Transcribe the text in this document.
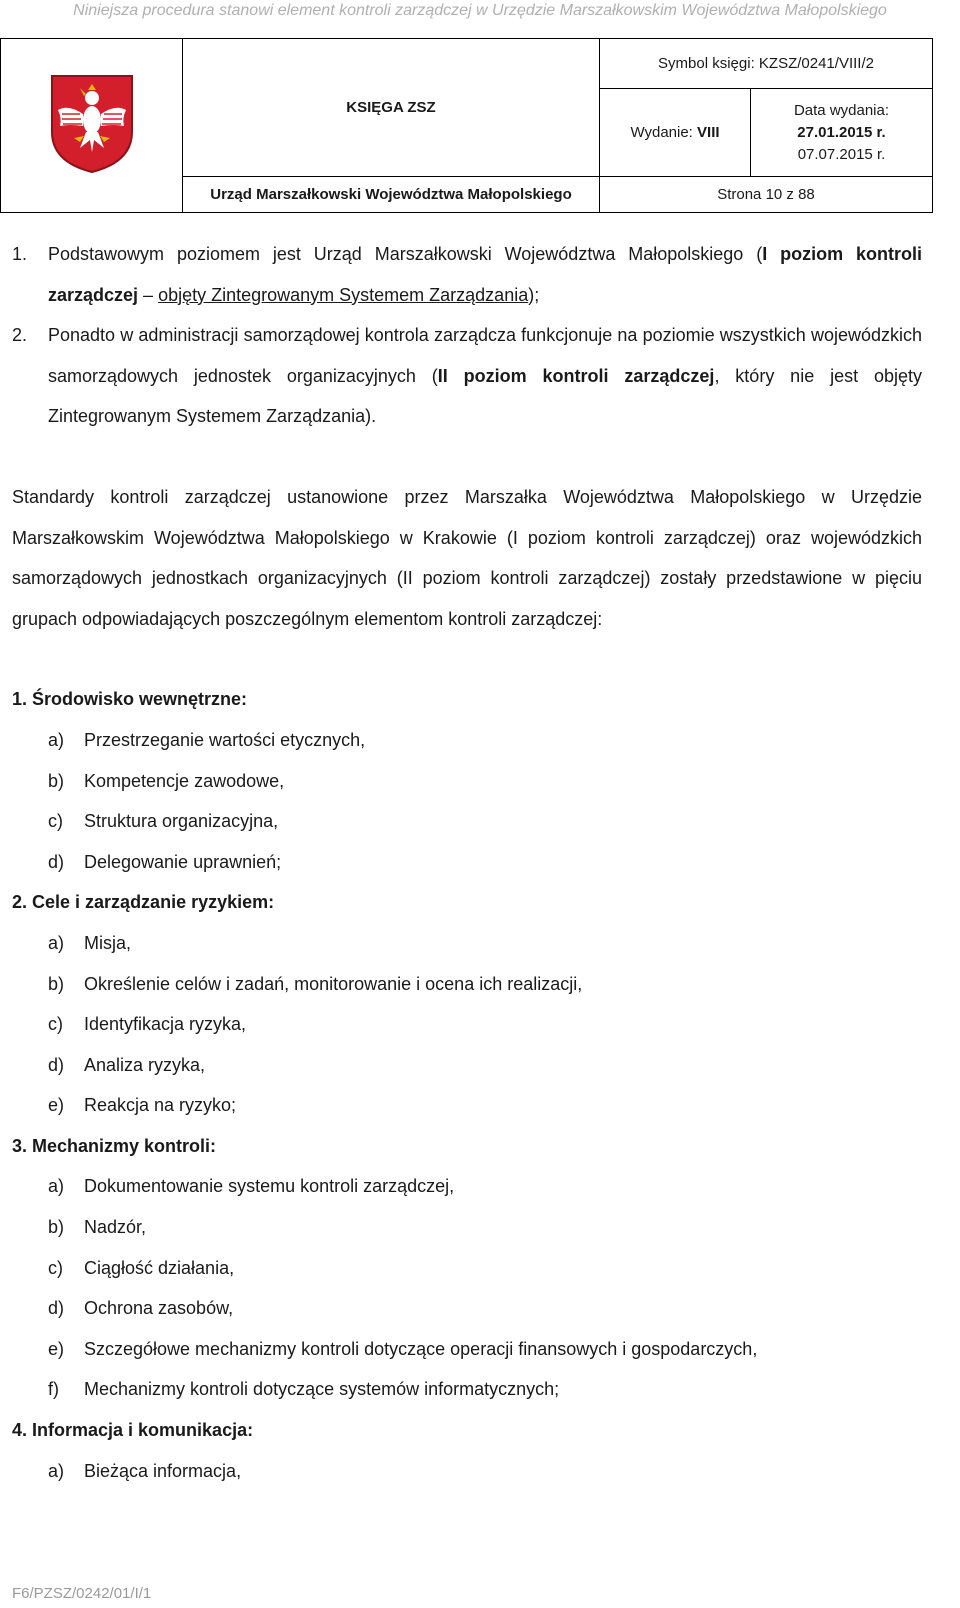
Niniejsza procedura stanowi element kontroli zarządczej w Urzędzie Marszałkowskim Województwa Małopolskiego
	KSIĘGA ZSZ	Symbol księgi: KZSZ/0241/VIII/2	
		Wydanie: VIII	Data wydania:
27.01.2015 r.
07.07.2015 r.

	Urząd Marszałkowski Województwa Małopolskiego	Strona 10 z 88	
1.	Podstawowym poziomem jest Urząd Marszałkowski Województwa Małopolskiego (I poziom kontroli zarządczej – objęty Zintegrowanym Systemem Zarządzania);
2.	Ponadto w administracji samorządowej kontrola zarządcza funkcjonuje na poziomie wszystkich wojewódzkich samorządowych jednostek organizacyjnych (II poziom kontroli zarządczej, który nie jest objęty Zintegrowanym Systemem Zarządzania).
Standardy kontroli zarządczej ustanowione przez Marszałka Województwa Małopolskiego w Urzędzie Marszałkowskim Województwa Małopolskiego w Krakowie (I poziom kontroli zarządczej) oraz wojewódzkich samorządowych jednostkach organizacyjnych (II poziom kontroli zarządczej) zostały przedstawione w pięciu grupach odpowiadających poszczególnym elementom kontroli zarządczej:
1. Środowisko wewnętrzne:
a)	Przestrzeganie wartości etycznych,
b)	Kompetencje zawodowe,
c)	Struktura organizacyjna,
d)	Delegowanie uprawnień;
2. Cele i zarządzanie ryzykiem:
a)	Misja,
b)	Określenie celów i zadań, monitorowanie i ocena ich realizacji,
c)	Identyfikacja ryzyka,
d)	Analiza ryzyka,
e)	Reakcja na ryzyko;
3. Mechanizmy kontroli:
a)	Dokumentowanie systemu kontroli zarządczej,
b)	Nadzór,
c)	Ciągłość działania,
d)	Ochrona zasobów,
e)	Szczegółowe mechanizmy kontroli dotyczące operacji finansowych i gospodarczych,
f)	Mechanizmy kontroli dotyczące systemów informatycznych;
4. Informacja i komunikacja:
a)	Bieżąca informacja,
F6/PZSZ/0242/01/I/1
